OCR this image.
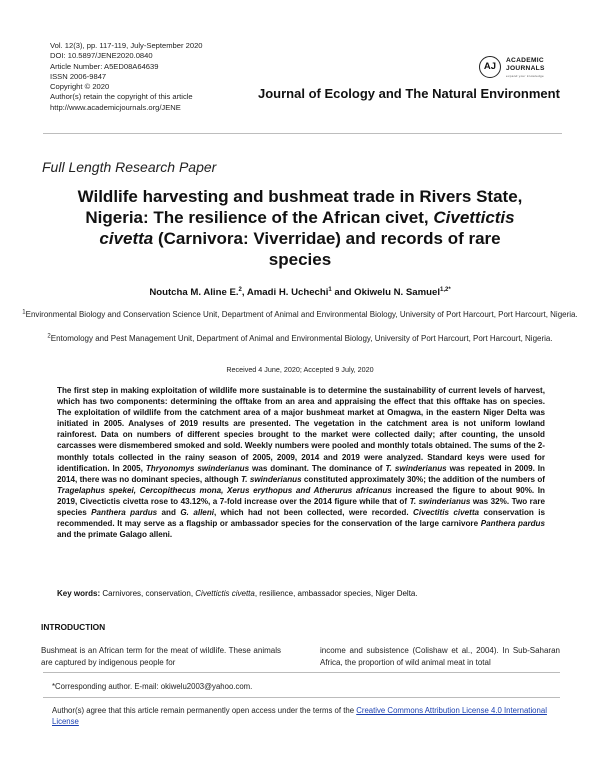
Vol. 12(3), pp. 117-119, July-September 2020
DOI: 10.5897/JENE2020.0840
Article Number: A5ED08A64639
ISSN 2006-9847
Copyright © 2020
Author(s) retain the copyright of this article
http://www.academicjournals.org/JENE
AJ
ACADEMIC
JOURNALS
expand your knowledge
Journal of Ecology and The Natural Environment
Full Length Research Paper
Wildlife harvesting and bushmeat trade in Rivers State,
Nigeria: The resilience of the African civet, Civettictis
civetta (Carnivora: Viverridae) and records of rare
species
Noutcha M. Aline E.$^2$, Amadi H. Uchechi$^1$ and Okiwelu N. Samuel$^{1,2*}$
$^1$Environmental Biology and Conservation Science Unit, Department of Animal and Environmental Biology, University of Port Harcourt, Port Harcourt, Nigeria.
$^2$Entomology and Pest Management Unit, Department of Animal and Environmental Biology, University of Port Harcourt, Port Harcourt, Nigeria.
Received 4 June, 2020; Accepted 9 July, 2020
The first step in making exploitation of wildlife more sustainable is to determine the sustainability of current levels of harvest, which has two components: determining the offtake from an area and appraising the effect that this offtake has on species. The exploitation of wildlife from the catchment area of a major bushmeat market at Omagwa, in the eastern Niger Delta was initiated in 2005. Analyses of 2019 results are presented. The vegetation in the catchment area is not uniform lowland rainforest. Data on numbers of different species brought to the market were collected daily; after counting, the unsold carcasses were dismembered smoked and sold. Weekly numbers were pooled and monthly totals obtained. The sums of the 2-monthly totals collected in the rainy season of 2005, 2009, 2014 and 2019 were analyzed. Standard keys were used for identification. In 2005, Thryonomys swinderianus was dominant. The dominance of T. swinderianus was repeated in 2009. In 2014, there was no dominant species, although T. swinderianus constituted approximately 30%; the addition of the numbers of Tragelaphus spekei, Cercopithecus mona, Xerus erythopus and Atherurus africanus increased the figure to about 90%. In 2019, Civectictis civetta rose to 43.12%, a 7-fold increase over the 2014 figure while that of T. swinderianus was 32%. Two rare species Panthera pardus and G. alleni, which had not been collected, were recorded. Civectitis civetta conservation is recommended. It may serve as a flagship or ambassador species for the conservation of the large carnivore Panthera pardus and the primate Galago alleni.
Key words: Carnivores, conservation, Civettictis civetta, resilience, ambassador species, Niger Delta.
INTRODUCTION
Bushmeat is an African term for the meat of wildlife. These animals are captured by indigenous people for
income and subsistence (Colishaw et al., 2004). In Sub-Saharan Africa, the proportion of wild animal meat in total
*Corresponding author. E-mail: okiwelu2003@yahoo.com.
Author(s) agree that this article remain permanently open access under the terms of the Creative Commons Attribution License 4.0 International License
